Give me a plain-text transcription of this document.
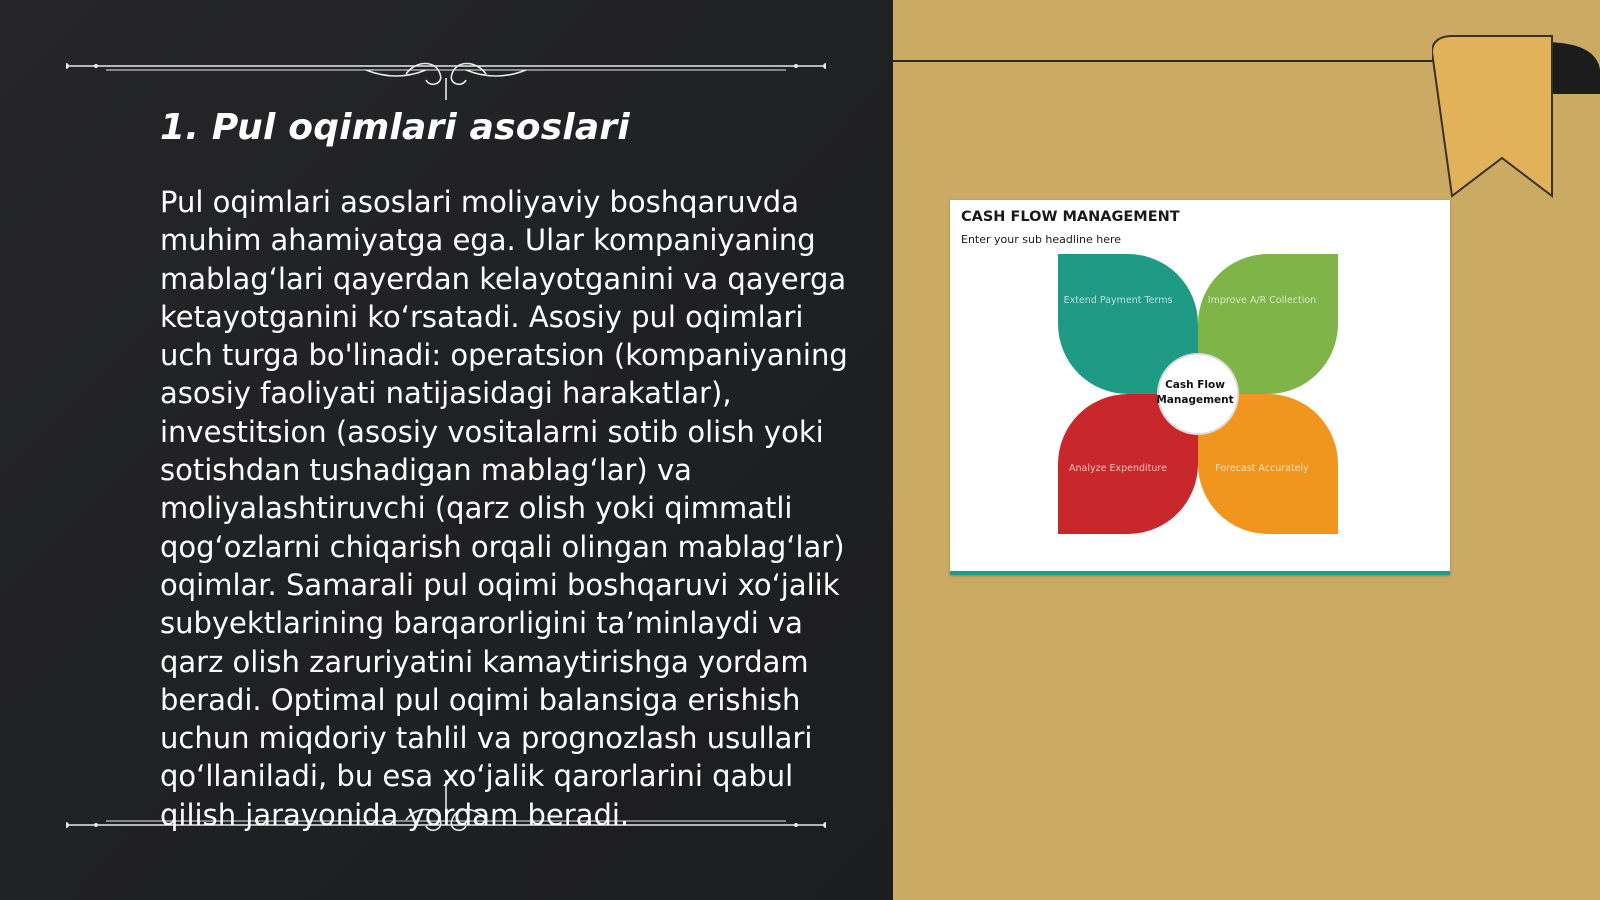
1. Pul oqimlari asoslari

Pul oqimlari asoslari moliyaviy boshqaruvda muhim ahamiyatga ega. Ular kompaniyaning mablag‘lari qayerdan kelayotganini va qayerga ketayotganini ko‘rsatadi. Asosiy pul oqimlari uch turga bo'linadi: operatsion (kompaniyaning asosiy faoliyati natijasidagi harakatlar), investitsion (asosiy vositalarni sotib olish yoki sotishdan tushadigan mablag‘lar) va moliyalashtiruvchi (qarz olish yoki qimmatli qog‘ozlarni chiqarish orqali olingan mablag‘lar) oqimlar. Samarali pul oqimi boshqaruvi xo‘jalik subyektlarining barqarorligini ta’minlaydi va qarz olish zaruriyatini kamaytirishga yordam beradi. Optimal pul oqimi balansiga erishish uchun miqdoriy tahlil va prognozlash usullari qo‘llaniladi, bu esa xo‘jalik qarorlarini qabul qilish jarayonida yordam beradi.

CASH FLOW MANAGEMENT

Enter your sub headline here

Extend Payment Terms	Improve A/R Collection
Analyze Expenditure	Forecast Accurately
Cash Flow Management
